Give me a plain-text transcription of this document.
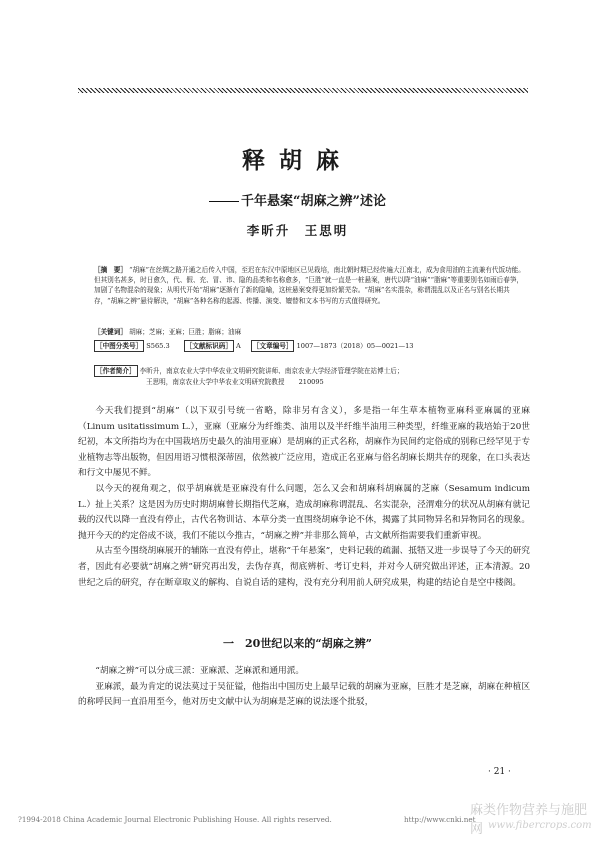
释胡麻
千年悬案“胡麻之辨”述论
李昕升　王思明
［摘　要］ “胡麻”在丝绸之路开通之后传入中国，至迟在东汉中原地区已见栽培，南北朝时期已经传遍大江南北，成为食用油的主流兼有代饭功能。但其别名甚多，时日愈久，代、假、充、冒、讳、隐的品类和名称愈多，“巨胜”就一直是一桩悬案，唐代以降“油麻”“脂麻”等重要别名如雨后春笋，加剧了名物混杂的现象；从明代开始“胡麻”逐渐有了新的隐喻，这桩悬案变得更加纷繁芜杂。“胡麻”名实混杂，称谓混乱以及正名与别名长期共存，“胡麻之辨”悬待解决，“胡麻”各种名称的起源、传播、演变、嬗替和文本书写的方式值得研究。
［关键词］ 胡麻；芝麻；亚麻；巨胜；脂麻；油麻
［中图分类号］ S565.3 ［文献标识码］ A ［文章编号］ 1007—1873（2018）05—0021—13
［作者简介］ 李昕升，南京农业大学中华农业文明研究院讲师、南京农业大学经济管理学院在站博士后；
王思明，南京农业大学中华农业文明研究院教授 210095

今天我们提到“胡麻”（以下双引号统一省略，除非另有含义），多是指一年生草本植物亚麻科亚麻属的亚麻（Linum usitatissimum L.），亚麻（亚麻分为纤维类、油用以及半纤维半油用三种类型，纤维亚麻的栽培始于20世纪初，本文所指均为在中国栽培历史最久的油用亚麻）是胡麻的正式名称，胡麻作为民间约定俗成的别称已经罕见于专业植物志等出版物，但因用语习惯根深蒂固，依然被广泛应用，造成正名亚麻与俗名胡麻长期共存的现象，在口头表达和行文中屡见不鲜。

以今天的视角观之，似乎胡麻就是亚麻没有什么问题，怎么又会和胡麻科胡麻属的芝麻（Sesamum indicum L.）扯上关系？这是因为历史时期胡麻曾长期指代芝麻，造成胡麻称谓混乱、名实混杂，泾渭难分的状况从胡麻有就记载的汉代以降一直没有停止，古代名物训诂、本草分类一直围绕胡麻争论不休，揭露了其同物异名和异物同名的现象。抛开今天的约定俗成不谈，我们不能以今推古，“胡麻之辨”并非那么简单，古文献所指需要我们重新审视。

从古至今围绕胡麻展开的辅陈一直没有停止，堪称“千年悬案”，史料记载的疏漏、抵牾又进一步误导了今天的研究者，因此有必要就“胡麻之辨”研究再出发，去伪存真，彻底辨析、考订史料，并对今人研究做出评述，正本清源。20世纪之后的研究，存在断章取义的解构、自说自话的建构，没有充分利用前人研究成果，构建的结论自是空中楼阁。

一　20世纪以来的“胡麻之辨”

“胡麻之辨”可以分成三派：亚麻派、芝麻派和通用派。

亚麻派，最为肯定的说法莫过于吴征镒，他指出中国历史上最早记载的胡麻为亚麻，巨胜才是芝麻，胡麻在种植区的称呼民间一直沿用至今，他对历史文献中认为胡麻是芝麻的说法逐个批驳，

· 21 ·
?1994-2018 China Academic Journal Electronic Publishing House. All rights reserved.	http://www.cnki.net
麻类作物营养与施肥网 www.fibercrops.com
